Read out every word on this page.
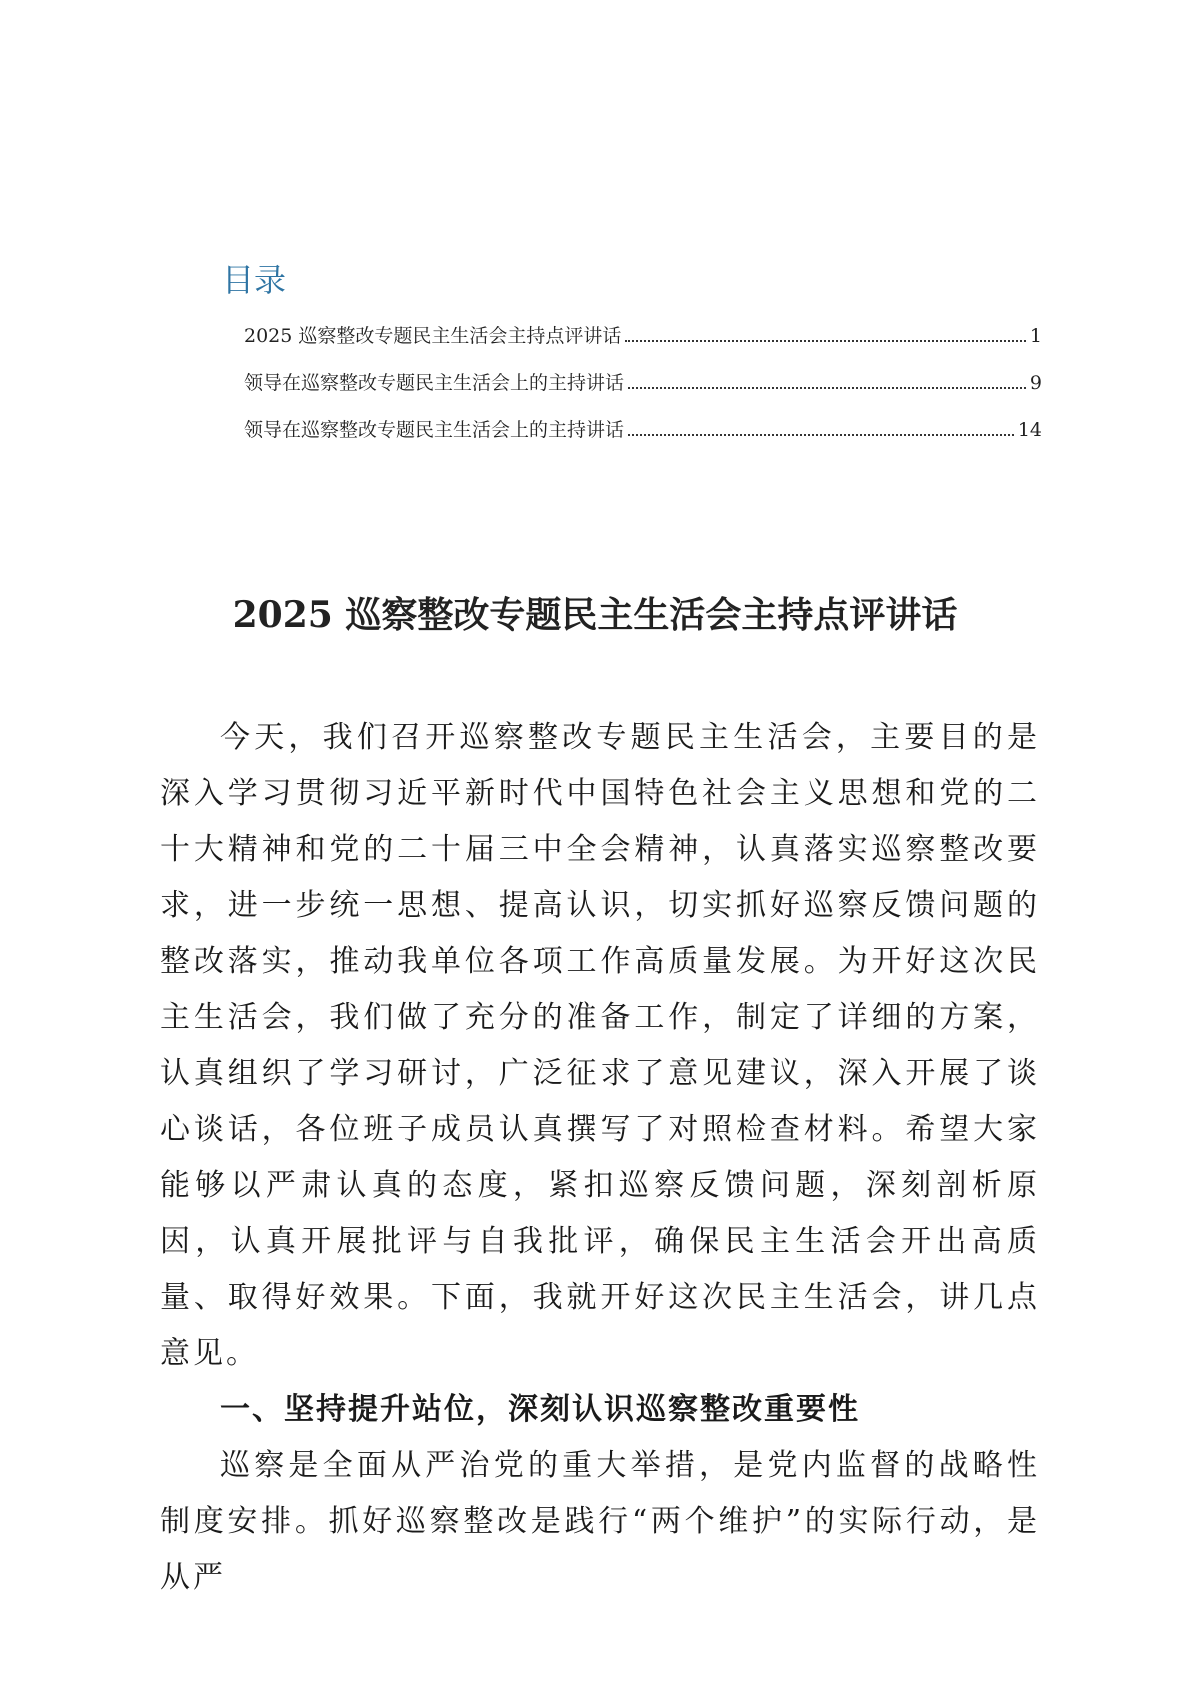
目录
2025 巡察整改专题民主生活会主持点评讲话	1
领导在巡察整改专题民主生活会上的主持讲话	9
领导在巡察整改专题民主生活会上的主持讲话	14
2025 巡察整改专题民主生活会主持点评讲话

今天，我们召开巡察整改专题民主生活会，主要目的是深入学习贯彻习近平新时代中国特色社会主义思想和党的二十大精神和党的二十届三中全会精神，认真落实巡察整改要求，进一步统一思想、提高认识，切实抓好巡察反馈问题的整改落实，推动我单位各项工作高质量发展。为开好这次民主生活会，我们做了充分的准备工作，制定了详细的方案，认真组织了学习研讨，广泛征求了意见建议，深入开展了谈心谈话，各位班子成员认真撰写了对照检查材料。希望大家能够以严肃认真的态度，紧扣巡察反馈问题，深刻剖析原因，认真开展批评与自我批评，确保民主生活会开出高质量、取得好效果。下面，我就开好这次民主生活会，讲几点意见。

一、坚持提升站位，深刻认识巡察整改重要性

巡察是全面从严治党的重大举措，是党内监督的战略性制度安排。抓好巡察整改是践行“两个维护”的实际行动，是从严
